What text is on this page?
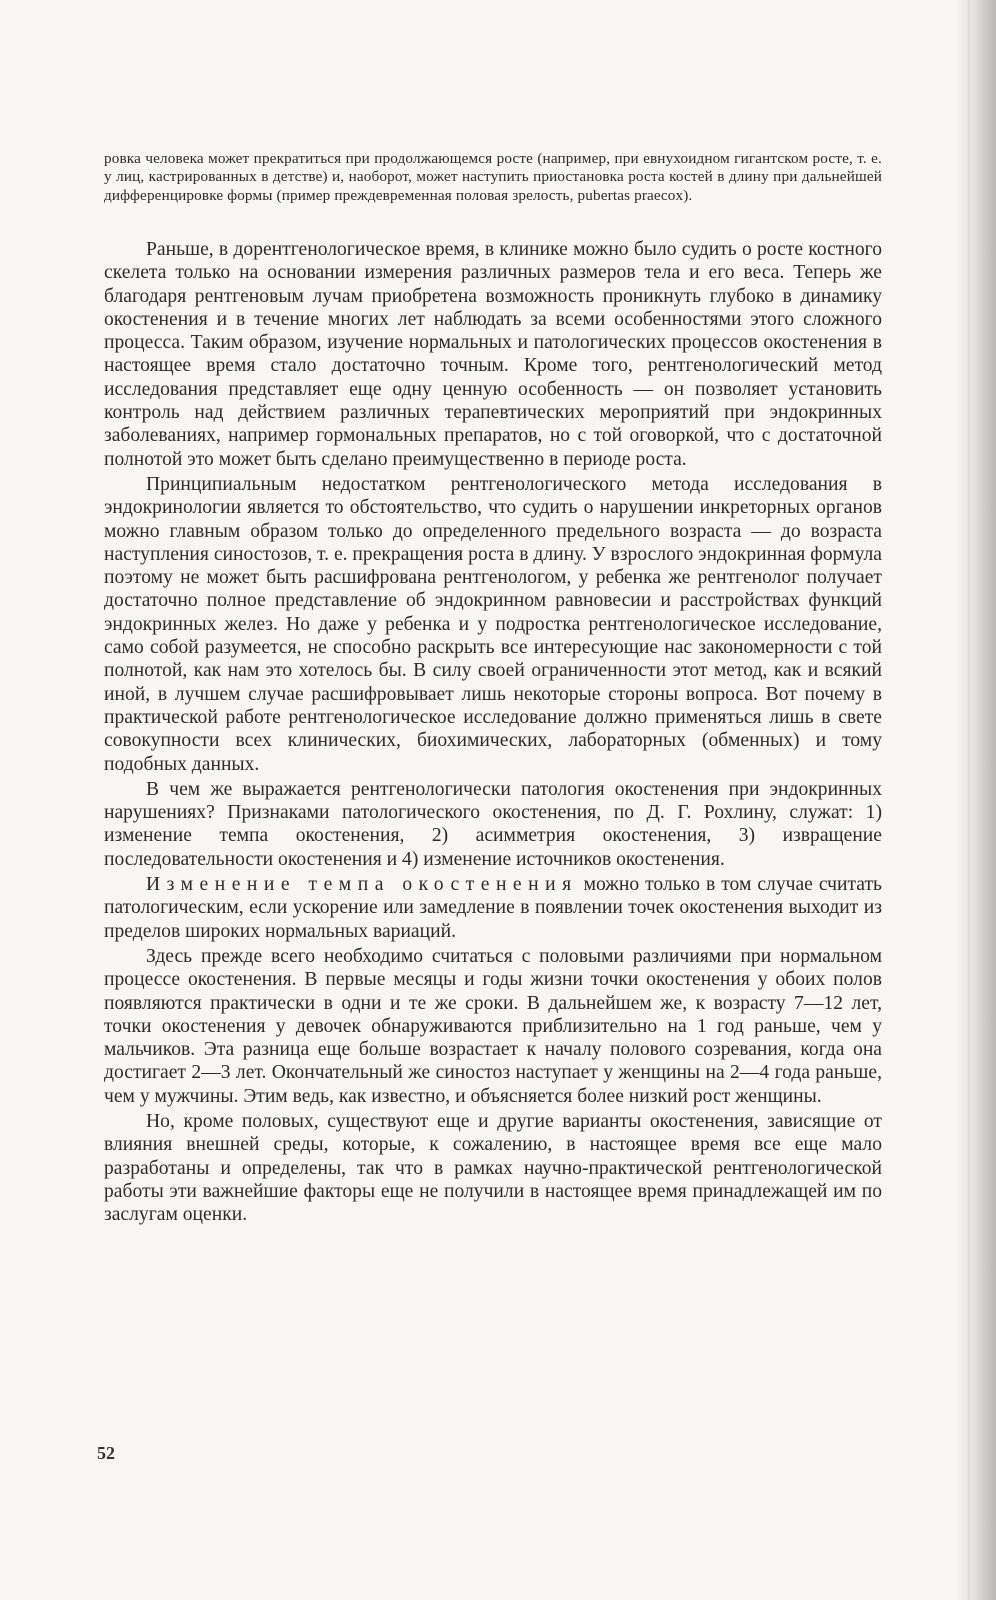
ровка человека может прекратиться при продолжающемся росте (например, при евнухоидном гигантском росте, т. е. у лиц, кастрированных в детстве) и, наоборот, может наступить приостановка роста костей в длину при дальнейшей дифференцировке формы (пример преждевременная половая зрелость, pubertas praecox).

Раньше, в дорентгенологическое время, в клинике можно было судить о росте костного скелета только на основании измерения различных размеров тела и его веса. Теперь же благодаря рентгеновым лучам приобретена возможность проникнуть глубоко в динамику окостенения и в течение многих лет наблюдать за всеми особенностями этого сложного процесса. Таким образом, изучение нормальных и патологических процессов окостенения в настоящее время стало достаточно точным. Кроме того, рентгенологический метод исследования представляет еще одну ценную особенность — он позволяет установить контроль над действием различных терапевтических мероприятий при эндокринных заболеваниях, например гормональных препаратов, но с той оговоркой, что с достаточной полнотой это может быть сделано преимущественно в периоде роста.

Принципиальным недостатком рентгенологического метода исследования в эндокринологии является то обстоятельство, что судить о нарушении инкреторных органов можно главным образом только до определенного предельного возраста — до возраста наступления синостозов, т. е. прекращения роста в длину. У взрослого эндокринная формула поэтому не может быть расшифрована рентгенологом, у ребенка же рентгенолог получает достаточно полное представление об эндокринном равновесии и расстройствах функций эндокринных желез. Но даже у ребенка и у подростка рентгенологическое исследование, само собой разумеется, не способно раскрыть все интересующие нас закономерности с той полнотой, как нам это хотелось бы. В силу своей ограниченности этот метод, как и всякий иной, в лучшем случае расшифровывает лишь некоторые стороны вопроса. Вот почему в практической работе рентгенологическое исследование должно применяться лишь в свете совокупности всех клинических, биохимических, лабораторных (обменных) и тому подобных данных.

В чем же выражается рентгенологически патология окостенения при эндокринных нарушениях? Признаками патологического окостенения, по Д. Г. Рохлину, служат: 1) изменение темпа окостенения, 2) асимметрия окостенения, 3) извращение последовательности окостенения и 4) изменение источников окостенения.

Изменение темпа окостенения можно только в том случае считать патологическим, если ускорение или замедление в появлении точек окостенения выходит из пределов широких нормальных вариаций.

Здесь прежде всего необходимо считаться с половыми различиями при нормальном процессе окостенения. В первые месяцы и годы жизни точки окостенения у обоих полов появляются практически в одни и те же сроки. В дальнейшем же, к возрасту 7—12 лет, точки окостенения у девочек обнаруживаются приблизительно на 1 год раньше, чем у мальчиков. Эта разница еще больше возрастает к началу полового созревания, когда она достигает 2—3 лет. Окончательный же синостоз наступает у женщины на 2—4 года раньше, чем у мужчины. Этим ведь, как известно, и объясняется более низкий рост женщины.

Но, кроме половых, существуют еще и другие варианты окостенения, зависящие от влияния внешней среды, которые, к сожалению, в настоящее время все еще мало разработаны и определены, так что в рамках научно-практической рентгенологической работы эти важнейшие факторы еще не получили в настоящее время принадлежащей им по заслугам оценки.

52
